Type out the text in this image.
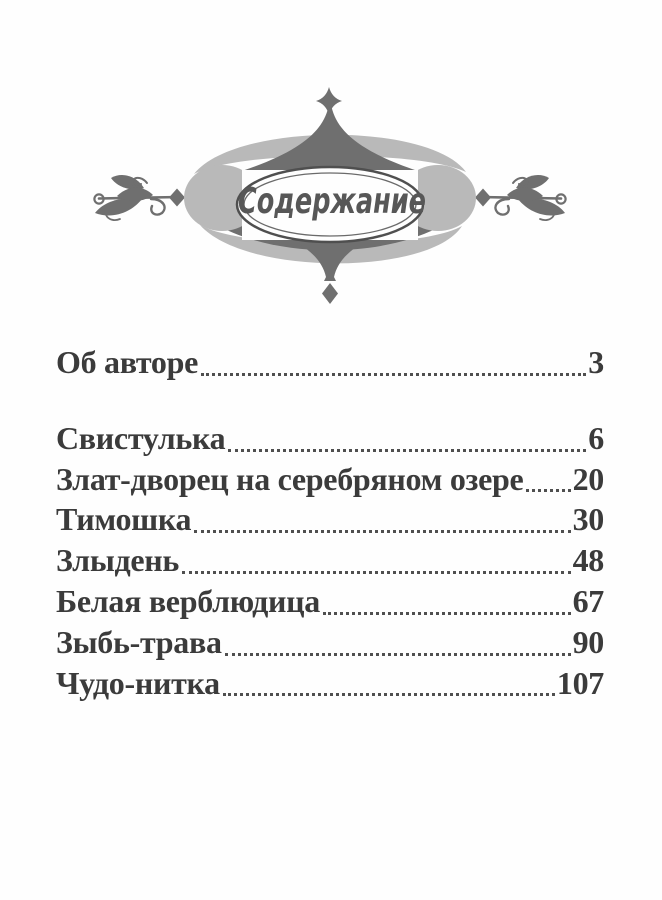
Содержание
Об авторе	3
Свистулька	6
Злат-дворец на серебряном озере 20
Тимошка	30
Злыдень	48
Белая верблюдица	67
Зыбь-трава	90
Чудо-нитка	107
